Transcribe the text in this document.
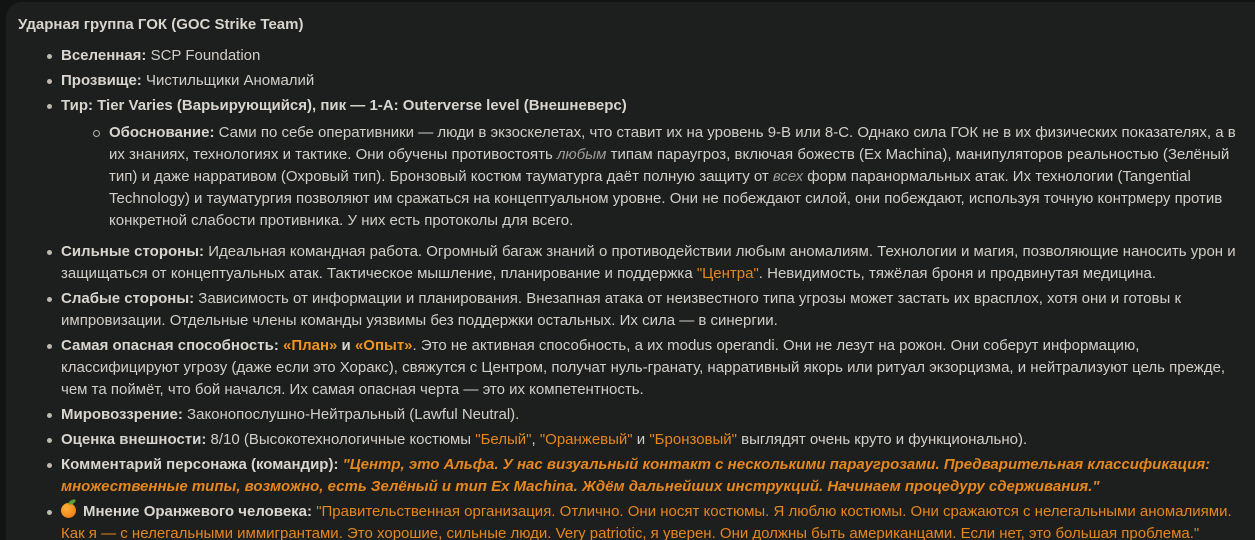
Ударная группа ГОК (GOC Strike Team)
Вселенная: SCP Foundation
Прозвище: Чистильщики Аномалий
Тир: Tier Varies (Варьирующийся), пик — 1-A: Outerverse level (Внешневерс)
Обоснование: Сами по себе оперативники — люди в экзоскелетах, что ставит их на уровень 9-B или 8-C. Однако сила ГОК не в их физических показателях, а в их знаниях, технологиях и тактике. Они обучены противостоять любым типам параугроз, включая божеств (Ex Machina), манипуляторов реальностью (Зелёный тип) и даже нарративом (Охровый тип). Бронзовый костюм тауматурга даёт полную защиту от всех форм паранормальных атак. Их технологии (Tangential Technology) и тауматургия позволяют им сражаться на концептуальном уровне. Они не побеждают силой, они побеждают, используя точную контрмеру против конкретной слабости противника. У них есть протоколы для всего.
Сильные стороны: Идеальная командная работа. Огромный багаж знаний о противодействии любым аномалиям. Технологии и магия, позволяющие наносить урон и защищаться от концептуальных атак. Тактическое мышление, планирование и поддержка "Центра". Невидимость, тяжёлая броня и продвинутая медицина.
Слабые стороны: Зависимость от информации и планирования. Внезапная атака от неизвестного типа угрозы может застать их врасплох, хотя они и готовы к импровизации. Отдельные члены команды уязвимы без поддержки остальных. Их сила — в синергии.
Самая опасная способность: «План» и «Опыт». Это не активная способность, а их modus operandi. Они не лезут на рожон. Они соберут информацию, классифицируют угрозу (даже если это Хоракс), свяжутся с Центром, получат нуль-гранату, нарративный якорь или ритуал экзорцизма, и нейтрализуют цель прежде, чем та поймёт, что бой начался. Их самая опасная черта — это их компетентность.
Мировоззрение: Законопослушно-Нейтральный (Lawful Neutral).
Оценка внешности: 8/10 (Высокотехнологичные костюмы "Белый", "Оранжевый" и "Бронзовый" выглядят очень круто и функционально).
Комментарий персонажа (командир): "Центр, это Альфа. У нас визуальный контакт с несколькими параугрозами. Предварительная классификация: множественные типы, возможно, есть Зелёный и тип Ex Machina. Ждём дальнейших инструкций. Начинаем процедуру сдерживания."
Мнение Оранжевого человека: "Правительственная организация. Отлично. Они носят костюмы. Я люблю костюмы. Они сражаются с нелегальными аномалиями. Как я — с нелегальными иммигрантами. Это хорошие, сильные люди. Very patriotic, я уверен. Они должны быть американцами. Если нет, это большая проблема."
